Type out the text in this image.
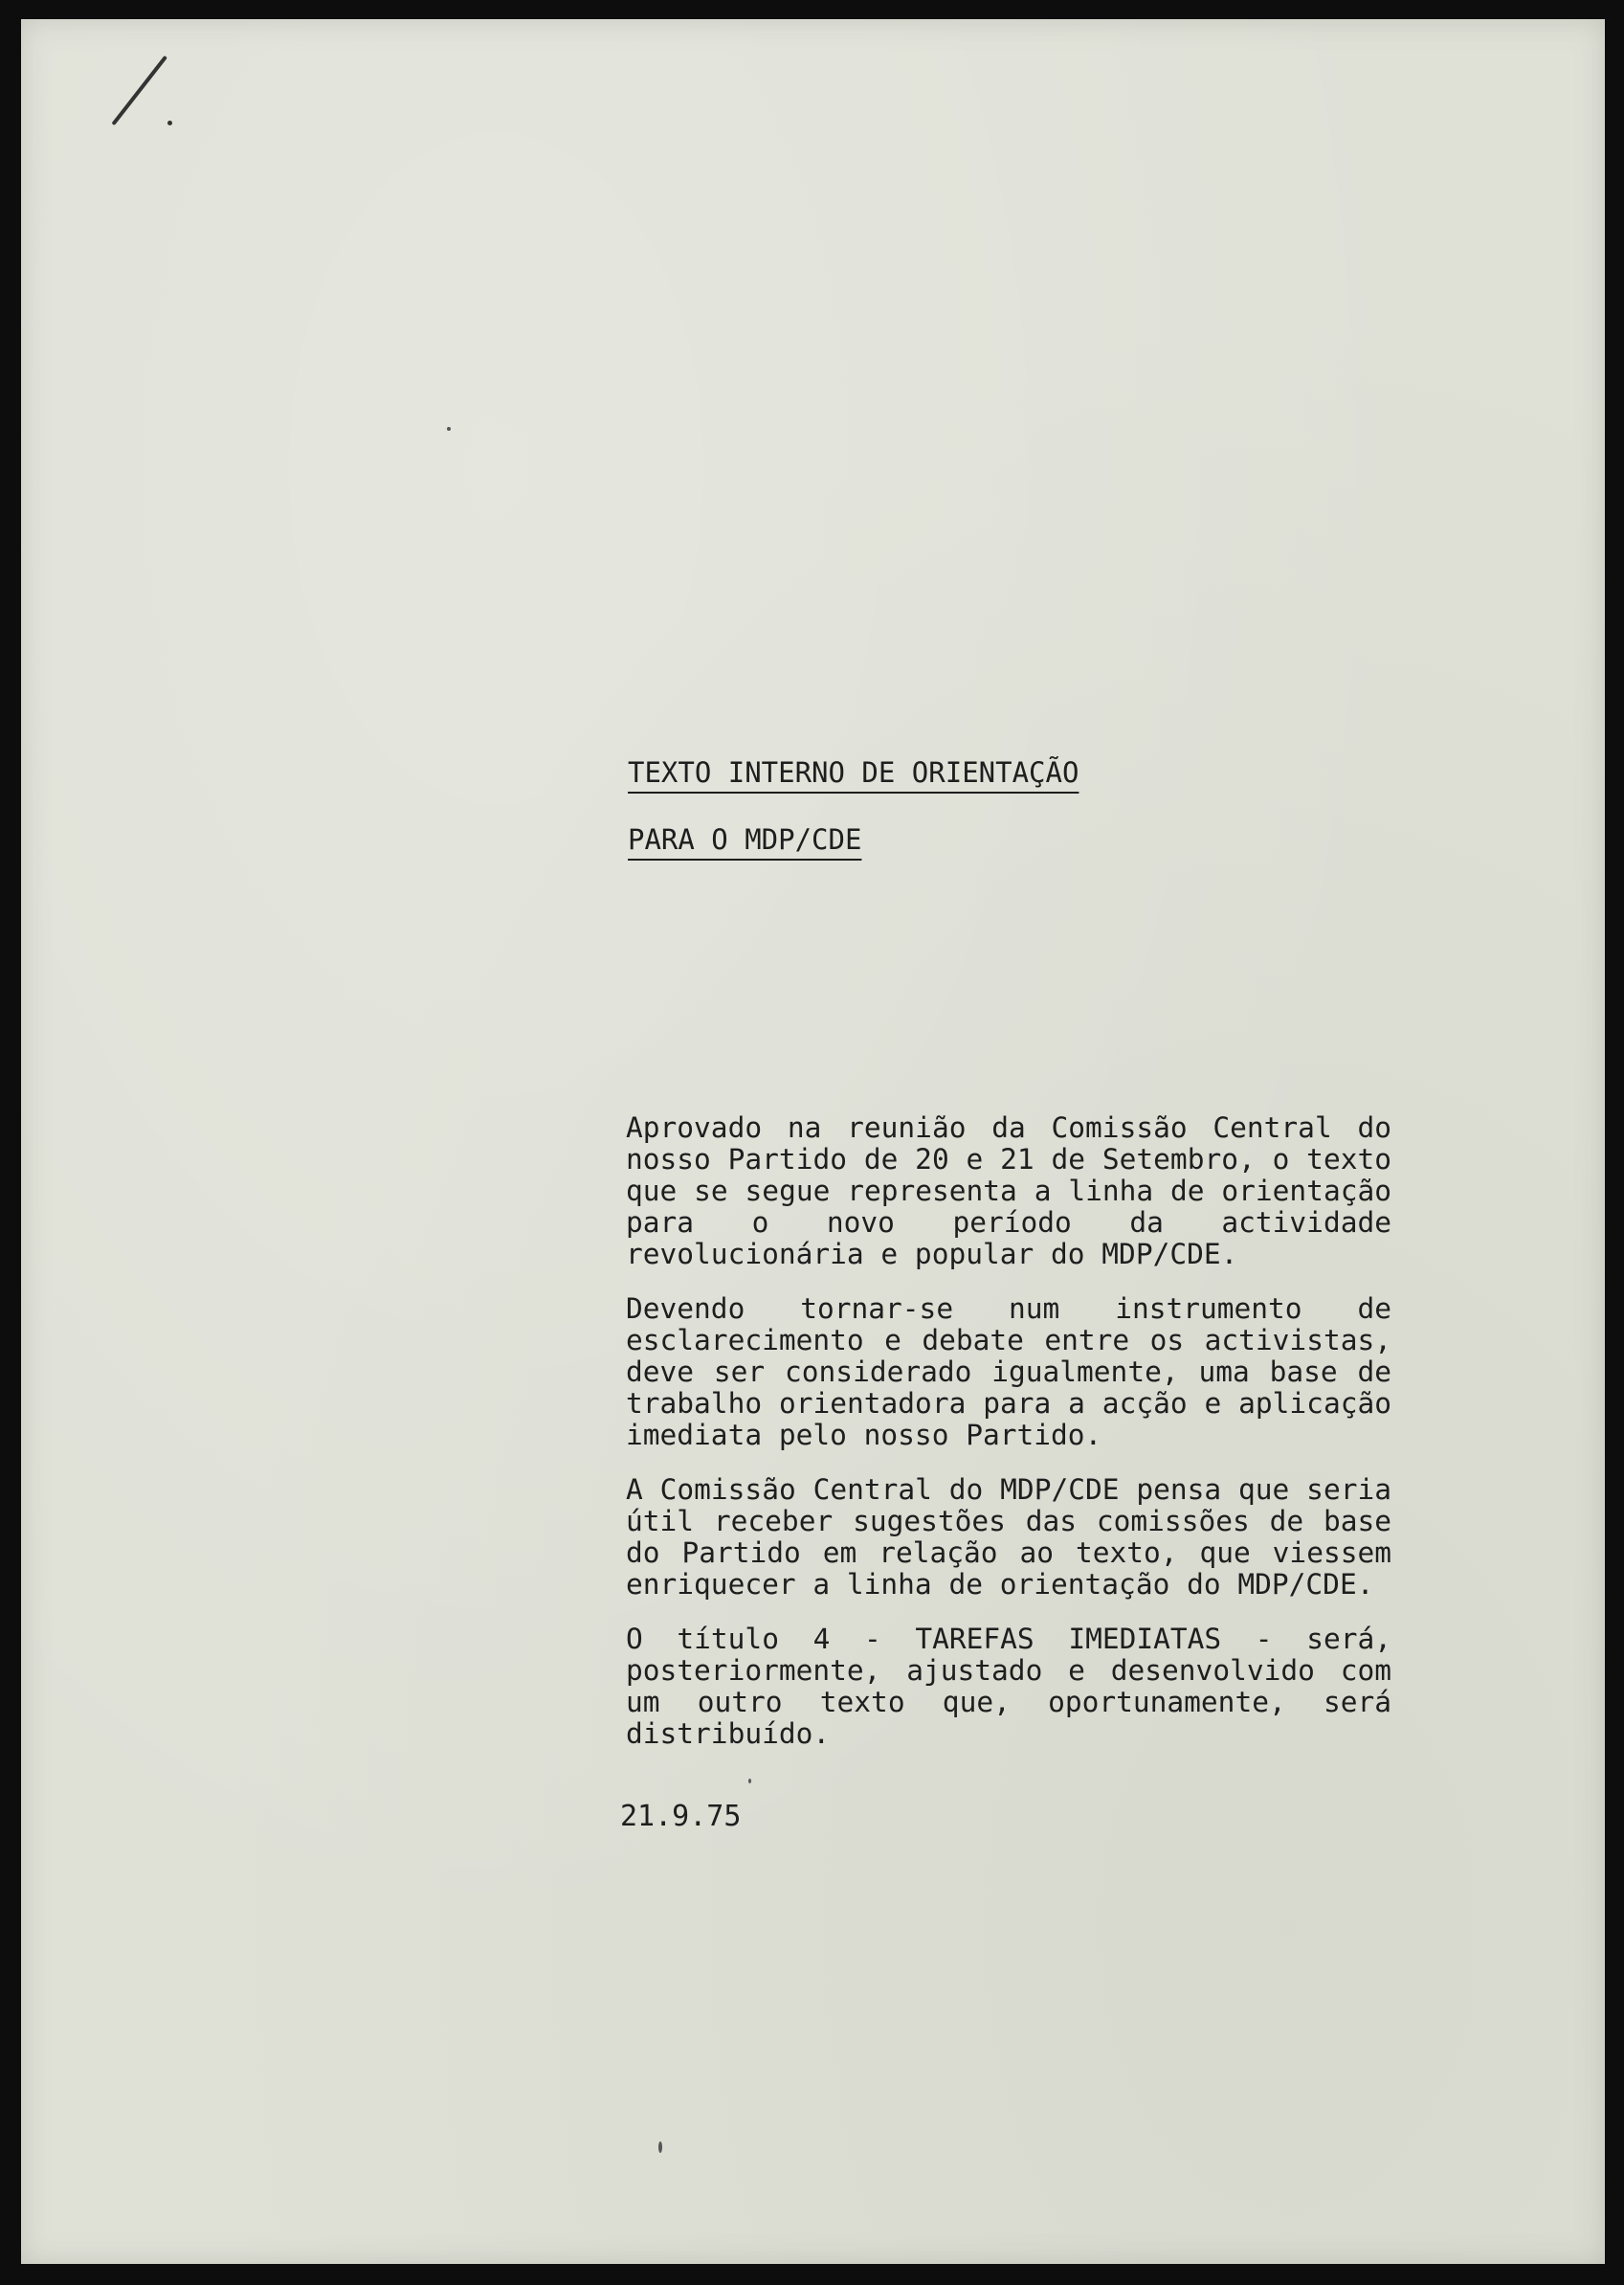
TEXTO INTERNO DE ORIENTAÇÃO
PARA O MDP/CDE

Aprovado na reunião da Comissão Central do nosso Partido de 20 e 21 de Setembro, o texto que se segue representa a linha de orientação para o novo período da actividade revolucionária e popular do MDP/CDE.

Devendo tornar-se num instrumento de esclarecimento e debate entre os activistas, deve ser considerado igualmente, uma base de trabalho orientadora para a acção e aplicação imediata pelo nosso Partido.

A Comissão Central do MDP/CDE pensa que seria útil receber sugestões das comissões de base do Partido em relação ao texto, que viessem enriquecer a linha de orientação do MDP/CDE.

O título 4 - TAREFAS IMEDIATAS - será, posteriormente, ajustado e desenvolvido com um outro texto que, oportunamente, será distribuído.

21.9.75
